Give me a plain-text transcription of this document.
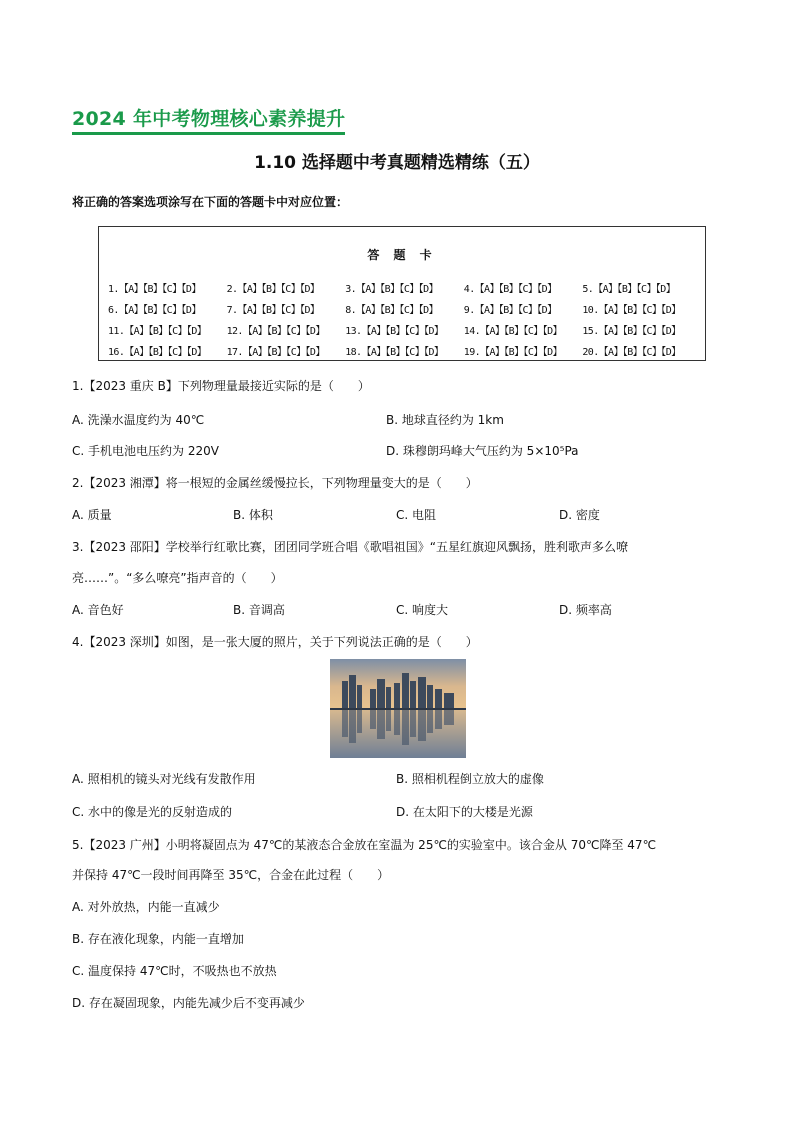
2024 年中考物理核心素养提升
1.10 选择题中考真题精选精练（五）
将正确的答案选项涂写在下面的答题卡中对应位置：
答 题 卡
1.【A】【B】【C】【D】	2.【A】【B】【C】【D】	3.【A】【B】【C】【D】	4.【A】【B】【C】【D】	5.【A】【B】【C】【D】
6.【A】【B】【C】【D】	7.【A】【B】【C】【D】	8.【A】【B】【C】【D】	9.【A】【B】【C】【D】	10.【A】【B】【C】【D】
11.【A】【B】【C】【D】	12.【A】【B】【C】【D】	13.【A】【B】【C】【D】	14.【A】【B】【C】【D】	15.【A】【B】【C】【D】
16.【A】【B】【C】【D】	17.【A】【B】【C】【D】	18.【A】【B】【C】【D】	19.【A】【B】【C】【D】	20.【A】【B】【C】【D】
1.【2023 重庆 B】下列物理量最接近实际的是（　　）
A. 洗澡水温度约为 40℃	B. 地球直径约为 1km
C. 手机电池电压约为 220V	D. 珠穆朗玛峰大气压约为 5×10⁵Pa
2.【2023 湘潭】将一根短的金属丝缓慢拉长，下列物理量变大的是（　　）
A. 质量	B. 体积	C. 电阻	D. 密度
3.【2023 邵阳】学校举行红歌比赛，团团同学班合唱《歌唱祖国》“五星红旗迎风飘扬，胜利歌声多么嘹
亮……”。“多么嘹亮”指声音的（　　）
A. 音色好	B. 音调高	C. 响度大	D. 频率高
4.【2023 深圳】如图，是一张大厦的照片，关于下列说法正确的是（　　）
A. 照相机的镜头对光线有发散作用	B. 照相机程倒立放大的虚像
C. 水中的像是光的反射造成的	D. 在太阳下的大楼是光源
5.【2023 广州】小明将凝固点为 47℃的某液态合金放在室温为 25℃的实验室中。该合金从 70℃降至 47℃
并保持 47℃一段时间再降至 35℃，合金在此过程（　　）
A. 对外放热，内能一直减少
B. 存在液化现象，内能一直增加
C. 温度保持 47℃时，不吸热也不放热
D. 存在凝固现象，内能先减少后不变再减少
